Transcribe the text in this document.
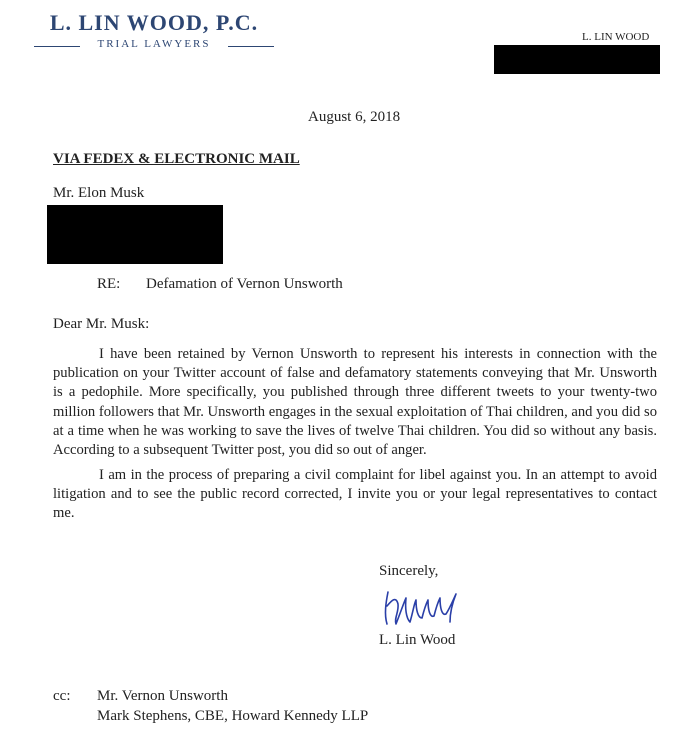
L. LIN WOOD, P.C.
TRIAL LAWYERS
L. LIN WOOD
August 6, 2018
VIA FEDEX & ELECTRONIC MAIL
Mr. Elon Musk
RE: Defamation of Vernon Unsworth
Dear Mr. Musk:

I have been retained by Vernon Unsworth to represent his interests in connection with the publication on your Twitter account of false and defamatory statements conveying that Mr. Unsworth is a pedophile. More specifically, you published through three different tweets to your twenty-two million followers that Mr. Unsworth engages in the sexual exploitation of Thai children, and you did so at a time when he was working to save the lives of twelve Thai children. You did so without any basis. According to a subsequent Twitter post, you did so out of anger.

I am in the process of preparing a civil complaint for libel against you. In an attempt to avoid litigation and to see the public record corrected, I invite you or your legal representatives to contact me.

Sincerely,
L. Lin Wood
cc: Mr. Vernon Unsworth
Mark Stephens, CBE, Howard Kennedy LLP
